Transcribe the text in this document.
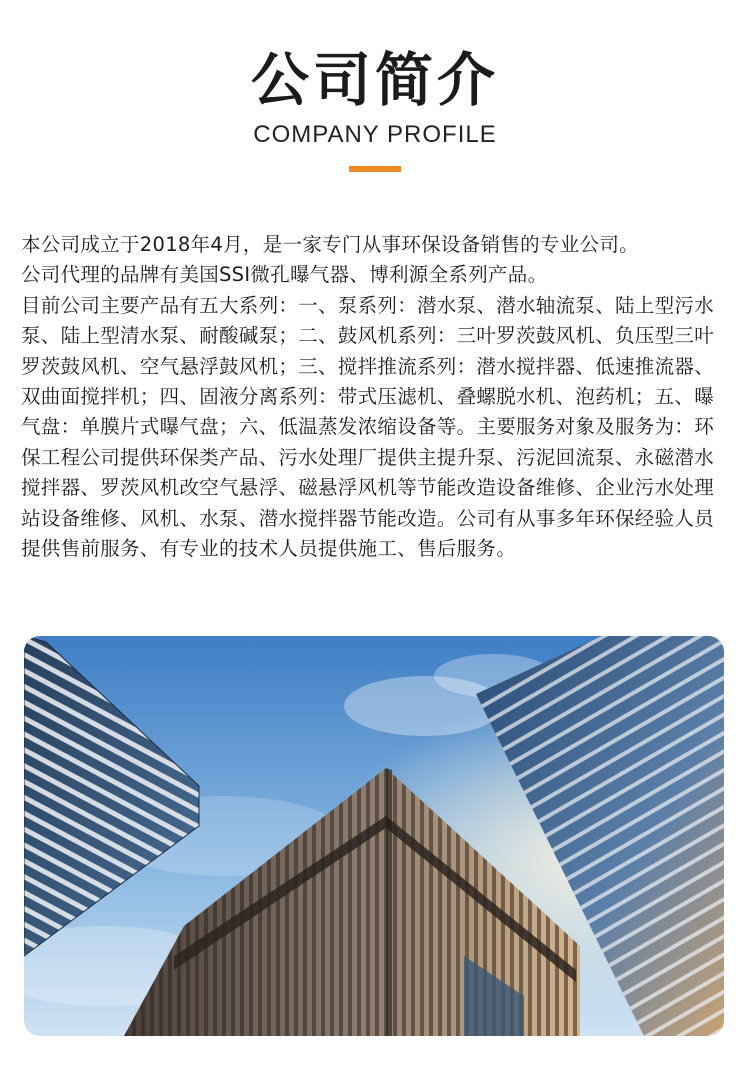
公司简介
COMPANY PROFILE

本公司成立于2018年4月，是一家专门从事环保设备销售的专业公司。

公司代理的品牌有美国SSI微孔曝气器、博利源全系列产品。

目前公司主要产品有五大系列：一、泵系列：潜水泵、潜水轴流泵、陆上型污水泵、陆上型清水泵、耐酸碱泵；二、鼓风机系列：三叶罗茨鼓风机、负压型三叶罗茨鼓风机、空气悬浮鼓风机；三、搅拌推流系列：潜水搅拌器、低速推流器、双曲面搅拌机；四、固液分离系列：带式压滤机、叠螺脱水机、泡药机；五、曝气盘：单膜片式曝气盘；六、低温蒸发浓缩设备等。主要服务对象及服务为：环保工程公司提供环保类产品、污水处理厂提供主提升泵、污泥回流泵、永磁潜水搅拌器、罗茨风机改空气悬浮、磁悬浮风机等节能改造设备维修、企业污水处理站设备维修、风机、水泵、潜水搅拌器节能改造。公司有从事多年环保经验人员提供售前服务、有专业的技术人员提供施工、售后服务。
